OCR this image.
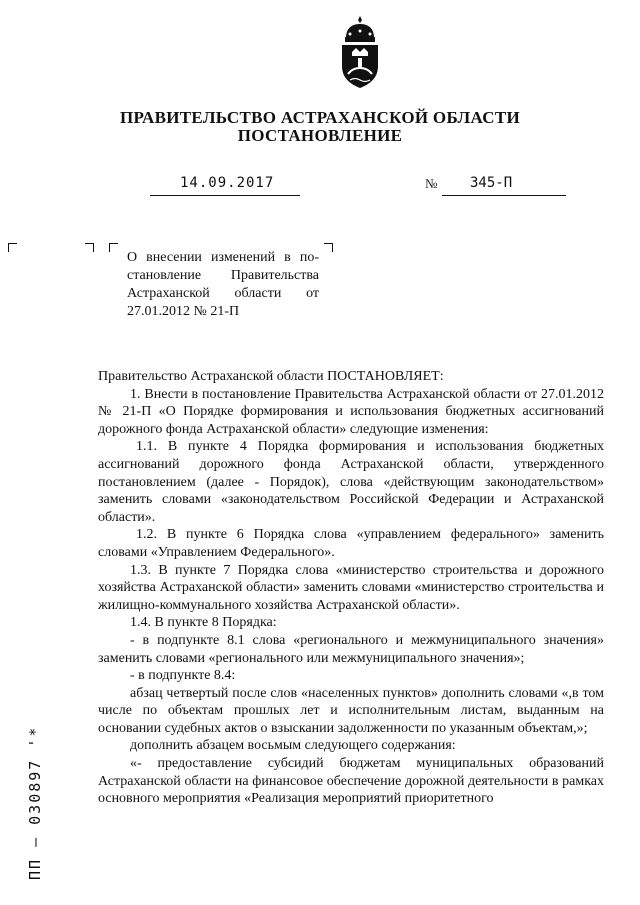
ПРАВИТЕЛЬСТВО АСТРАХАНСКОЙ ОБЛАСТИ
ПОСТАНОВЛЕНИЕ
14.09.2017	№ 345-П
О внесении изменений в по-
становление Правительства
Астраханской области от
27.01.2012 № 21-П

Правительство Астраханской области ПОСТАНОВЛЯЕТ:

1. Внести в постановление Правительства Астраханской области от 27.01.2012 № 21-П «О Порядке формирования и использования бюджетных ассигнований дорожного фонда Астраханской области» следующие изменения:

1.1. В пункте 4 Порядка формирования и использования бюджетных ассигнований дорожного фонда Астраханской области, утвержденного постановлением (далее - Порядок), слова «действующим законодательством» заменить словами «законодательством Российской Федерации и Астраханской области».

1.2. В пункте 6 Порядка слова «управлением федерального» заменить словами «Управлением Федерального».

1.3. В пункте 7 Порядка слова «министерство строительства и дорожного хозяйства Астраханской области» заменить словами «министерство строительства и жилищно-коммунального хозяйства Астраханской области».

1.4. В пункте 8 Порядка:

- в подпункте 8.1 слова «регионального и межмуниципального значения» заменить словами «регионального или межмуниципального значения»;

- в подпункте 8.4:

абзац четвертый после слов «населенных пунктов» дополнить словами «,в том числе по объектам прошлых лет и исполнительным листам, выданным на основании судебных актов о взыскании задолженности по указанным объектам,»;

дополнить абзацем восьмым следующего содержания:

«- предоставление субсидий бюджетам муниципальных образований Астраханской области на финансовое обеспечение дорожной деятельности в рамках основного мероприятия «Реализация мероприятий приоритетного

ПП – 030897 '*
